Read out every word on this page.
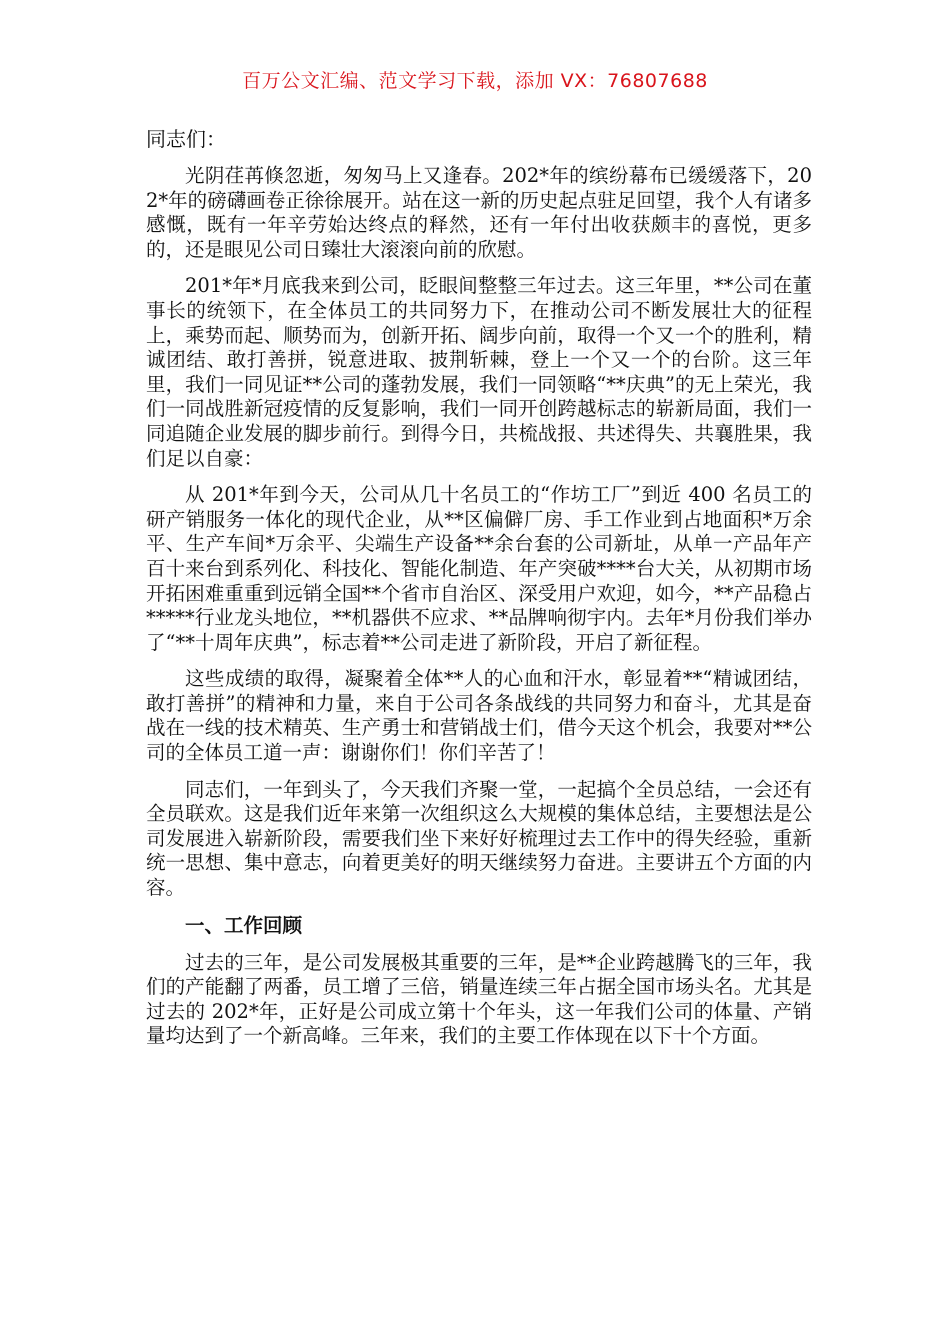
百万公文汇编、范文学习下载，添加 VX：76807688

同志们：

光阴荏苒倏忽逝，匆匆马上又逢春。202*年的缤纷幕布已缓缓落下，202*年的磅礴画卷正徐徐展开。站在这一新的历史起点驻足回望，我个人有诸多感慨，既有一年辛劳始达终点的释然，还有一年付出收获颇丰的喜悦，更多的，还是眼见公司日臻壮大滚滚向前的欣慰。

201*年*月底我来到公司，眨眼间整整三年过去。这三年里，**公司在董事长的统领下，在全体员工的共同努力下，在推动公司不断发展壮大的征程上，乘势而起、顺势而为，创新开拓、阔步向前，取得一个又一个的胜利，精诚团结、敢打善拼，锐意进取、披荆斩棘，登上一个又一个的台阶。这三年里，我们一同见证**公司的蓬勃发展，我们一同领略“**庆典”的无上荣光，我们一同战胜新冠疫情的反复影响，我们一同开创跨越标志的崭新局面，我们一同追随企业发展的脚步前行。到得今日，共梳战报、共述得失、共襄胜果，我们足以自豪：

从 201*年到今天，公司从几十名员工的“作坊工厂”到近 400 名员工的研产销服务一体化的现代企业，从**区偏僻厂房、手工作业到占地面积*万余平、生产车间*万余平、尖端生产设备**余台套的公司新址，从单一产品年产百十来台到系列化、科技化、智能化制造、年产突破****台大关，从初期市场开拓困难重重到远销全国**个省市自治区、深受用户欢迎，如今，**产品稳占*****行业龙头地位，**机器供不应求、**品牌响彻宇内。去年*月份我们举办了“**十周年庆典”，标志着**公司走进了新阶段，开启了新征程。

这些成绩的取得，凝聚着全体**人的心血和汗水，彰显着**“精诚团结，敢打善拼”的精神和力量，来自于公司各条战线的共同努力和奋斗，尤其是奋战在一线的技术精英、生产勇士和营销战士们，借今天这个机会，我要对**公司的全体员工道一声：谢谢你们！你们辛苦了！

同志们，一年到头了，今天我们齐聚一堂，一起搞个全员总结，一会还有全员联欢。这是我们近年来第一次组织这么大规模的集体总结，主要想法是公司发展进入崭新阶段，需要我们坐下来好好梳理过去工作中的得失经验，重新统一思想、集中意志，向着更美好的明天继续努力奋进。主要讲五个方面的内容。

一、工作回顾

过去的三年，是公司发展极其重要的三年，是**企业跨越腾飞的三年，我们的产能翻了两番，员工增了三倍，销量连续三年占据全国市场头名。尤其是过去的 202*年，正好是公司成立第十个年头，这一年我们公司的体量、产销量均达到了一个新高峰。三年来，我们的主要工作体现在以下十个方面。
